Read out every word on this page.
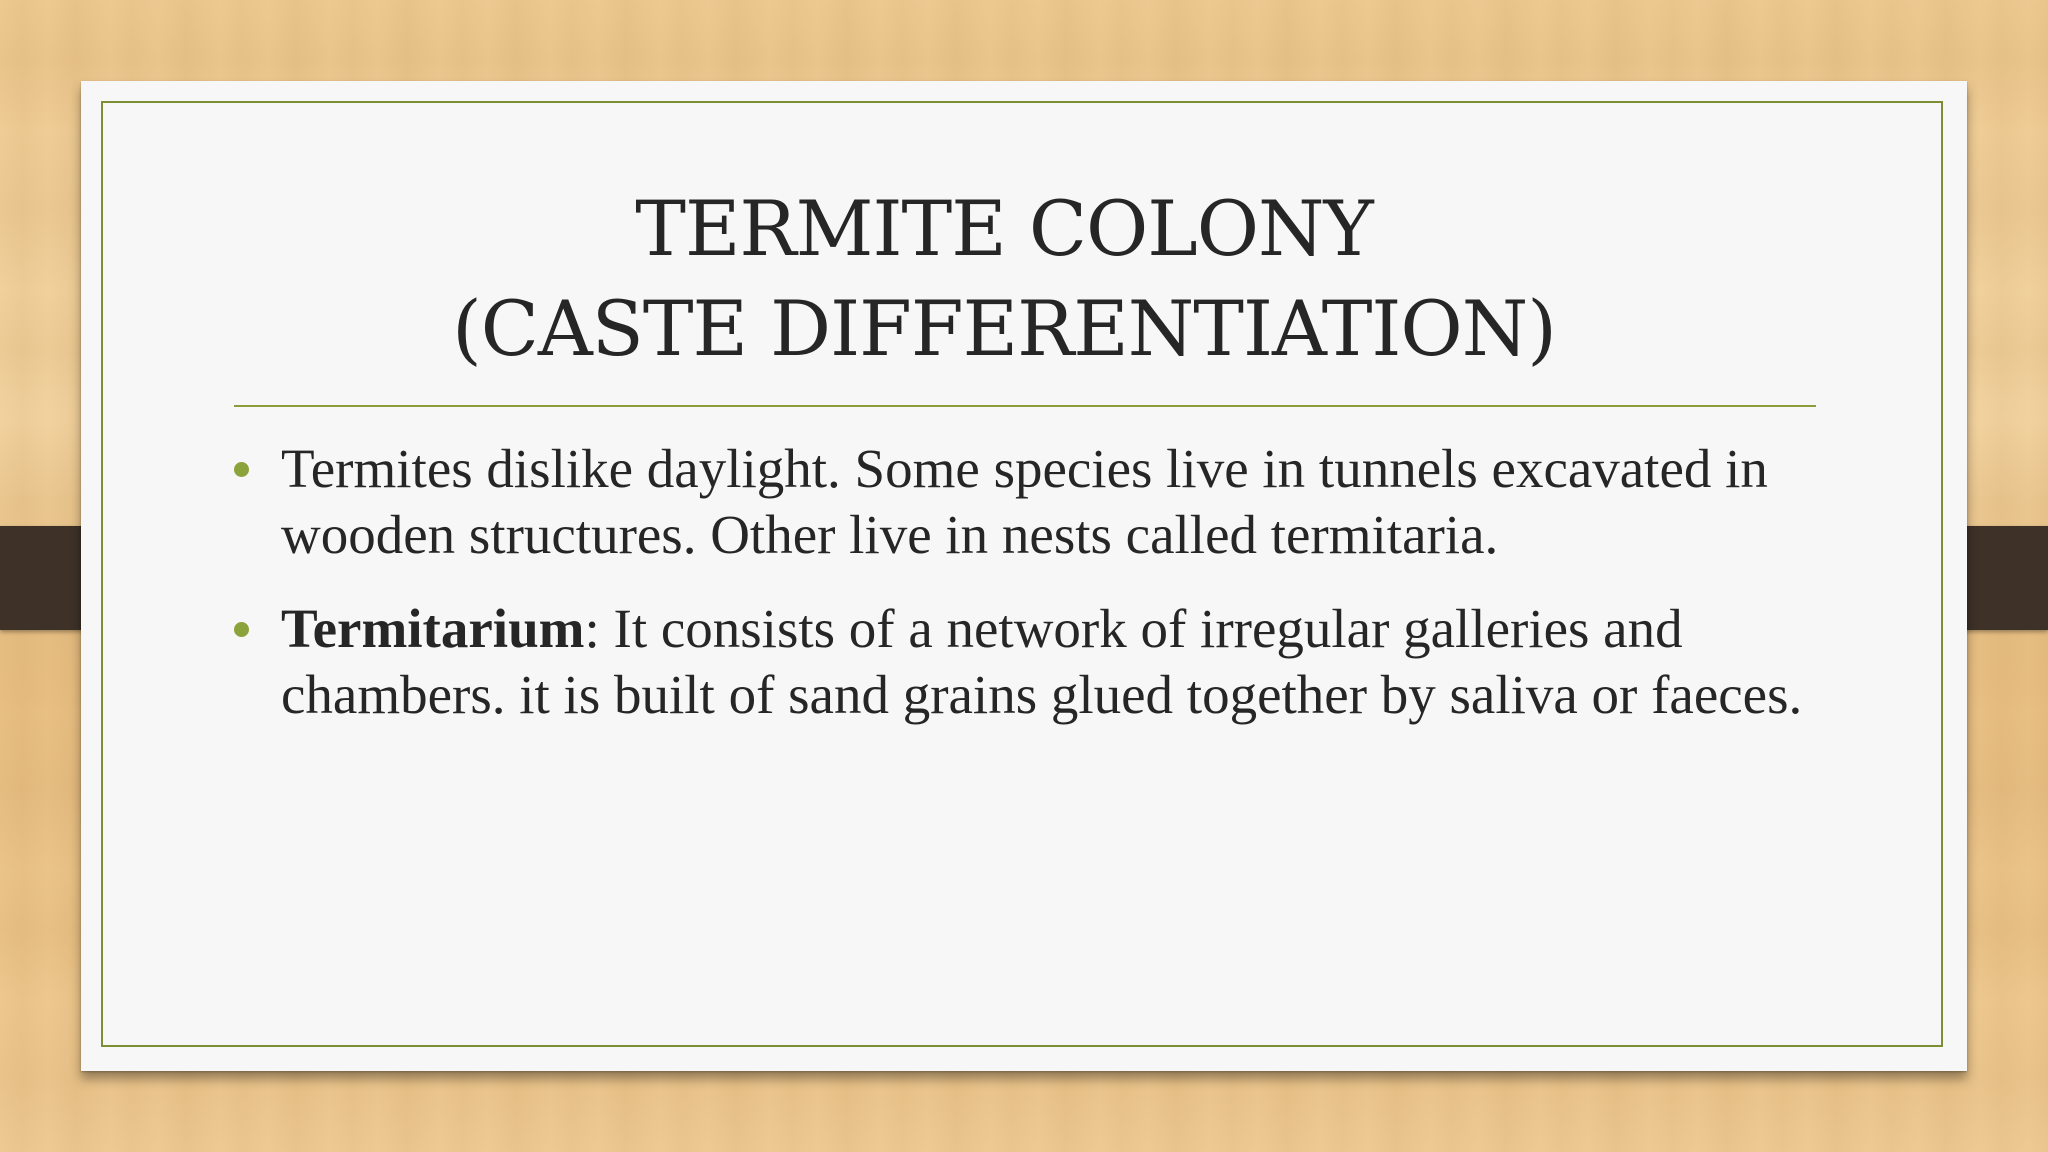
TERMITE COLONY
(CASTE DIFFERENTIATION)
Termites dislike daylight. Some species live in tunnels excavated in wooden structures. Other live in nests called termitaria.
Termitarium: It consists of a network of irregular galleries and chambers. it is built of sand grains glued together by saliva or faeces.
